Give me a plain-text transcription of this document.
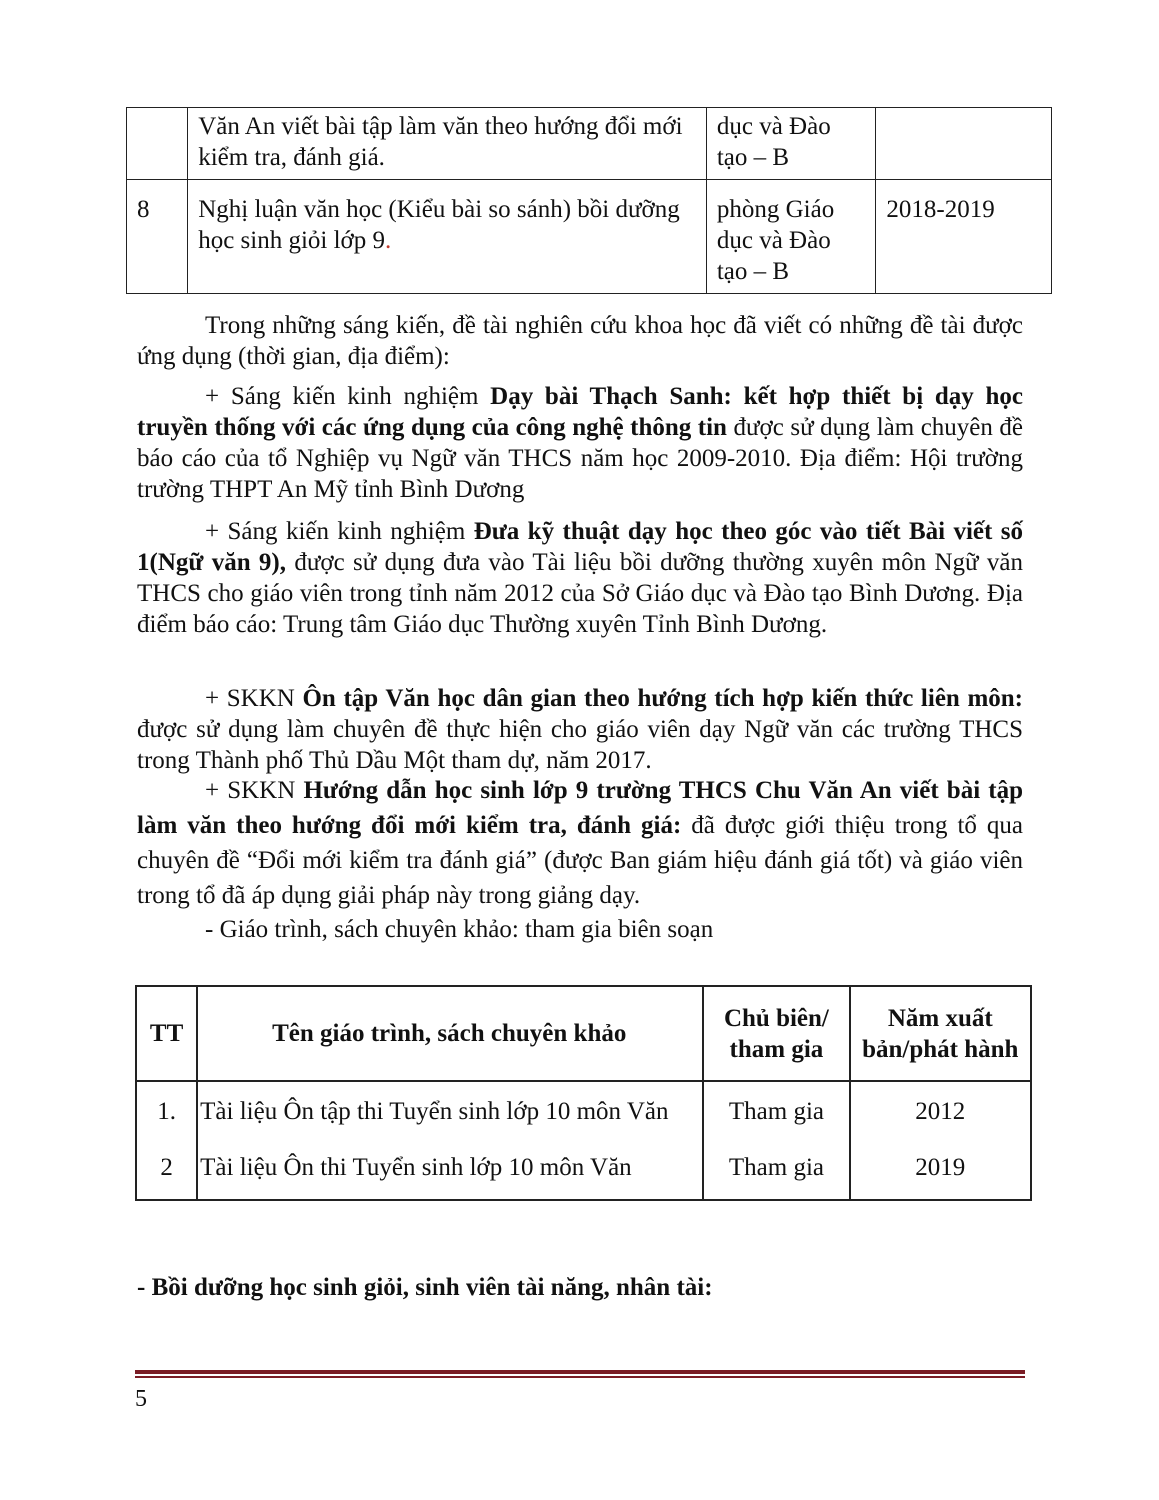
	Văn An viết bài tập làm văn theo hướng đổi mới kiểm tra, đánh giá.	dục và Đào tạo – B	
8	Nghị luận văn học (Kiểu bài so sánh) bồi dưỡng học sinh giỏi lớp 9.	phòng Giáo dục và Đào tạo – B	2018-2019

Trong những sáng kiến, đề tài nghiên cứu khoa học đã viết có những đề tài được ứng dụng (thời gian, địa điểm):

+ Sáng kiến kinh nghiệm Dạy bài Thạch Sanh: kết hợp thiết bị dạy học truyền thống với các ứng dụng của công nghệ thông tin được sử dụng làm chuyên đề báo cáo của tổ Nghiệp vụ Ngữ văn THCS năm học 2009-2010. Địa điểm: Hội trường trường THPT An Mỹ tỉnh Bình Dương

+ Sáng kiến kinh nghiệm Đưa kỹ thuật dạy học theo góc vào tiết Bài viết số 1(Ngữ văn 9), được sử dụng đưa vào Tài liệu bồi dưỡng thường xuyên môn Ngữ văn THCS cho giáo viên trong tỉnh năm 2012 của Sở Giáo dục và Đào tạo Bình Dương. Địa điểm báo cáo: Trung tâm Giáo dục Thường xuyên Tỉnh Bình Dương.

+ SKKN Ôn tập Văn học dân gian theo hướng tích hợp kiến thức liên môn: được sử dụng làm chuyên đề thực hiện cho giáo viên dạy Ngữ văn các trường THCS trong Thành phố Thủ Dầu Một tham dự, năm 2017.

+ SKKN Hướng dẫn học sinh lớp 9 trường THCS Chu Văn An viết bài tập làm văn theo hướng đổi mới kiểm tra, đánh giá: đã được giới thiệu trong tổ qua chuyên đề “Đổi mới kiểm tra đánh giá” (được Ban giám hiệu đánh giá tốt) và giáo viên trong tổ đã áp dụng giải pháp này trong giảng dạy.

- Giáo trình, sách chuyên khảo: tham gia biên soạn

TT	Tên giáo trình, sách chuyên khảo	Chủ biên/ tham gia	Năm xuất bản/phát hành
1.	Tài liệu Ôn tập thi Tuyển sinh lớp 10 môn Văn	Tham gia	2012
2	Tài liệu Ôn thi Tuyển sinh lớp 10 môn Văn	Tham gia	2019
- Bồi dưỡng học sinh giỏi, sinh viên tài năng, nhân tài:
5
